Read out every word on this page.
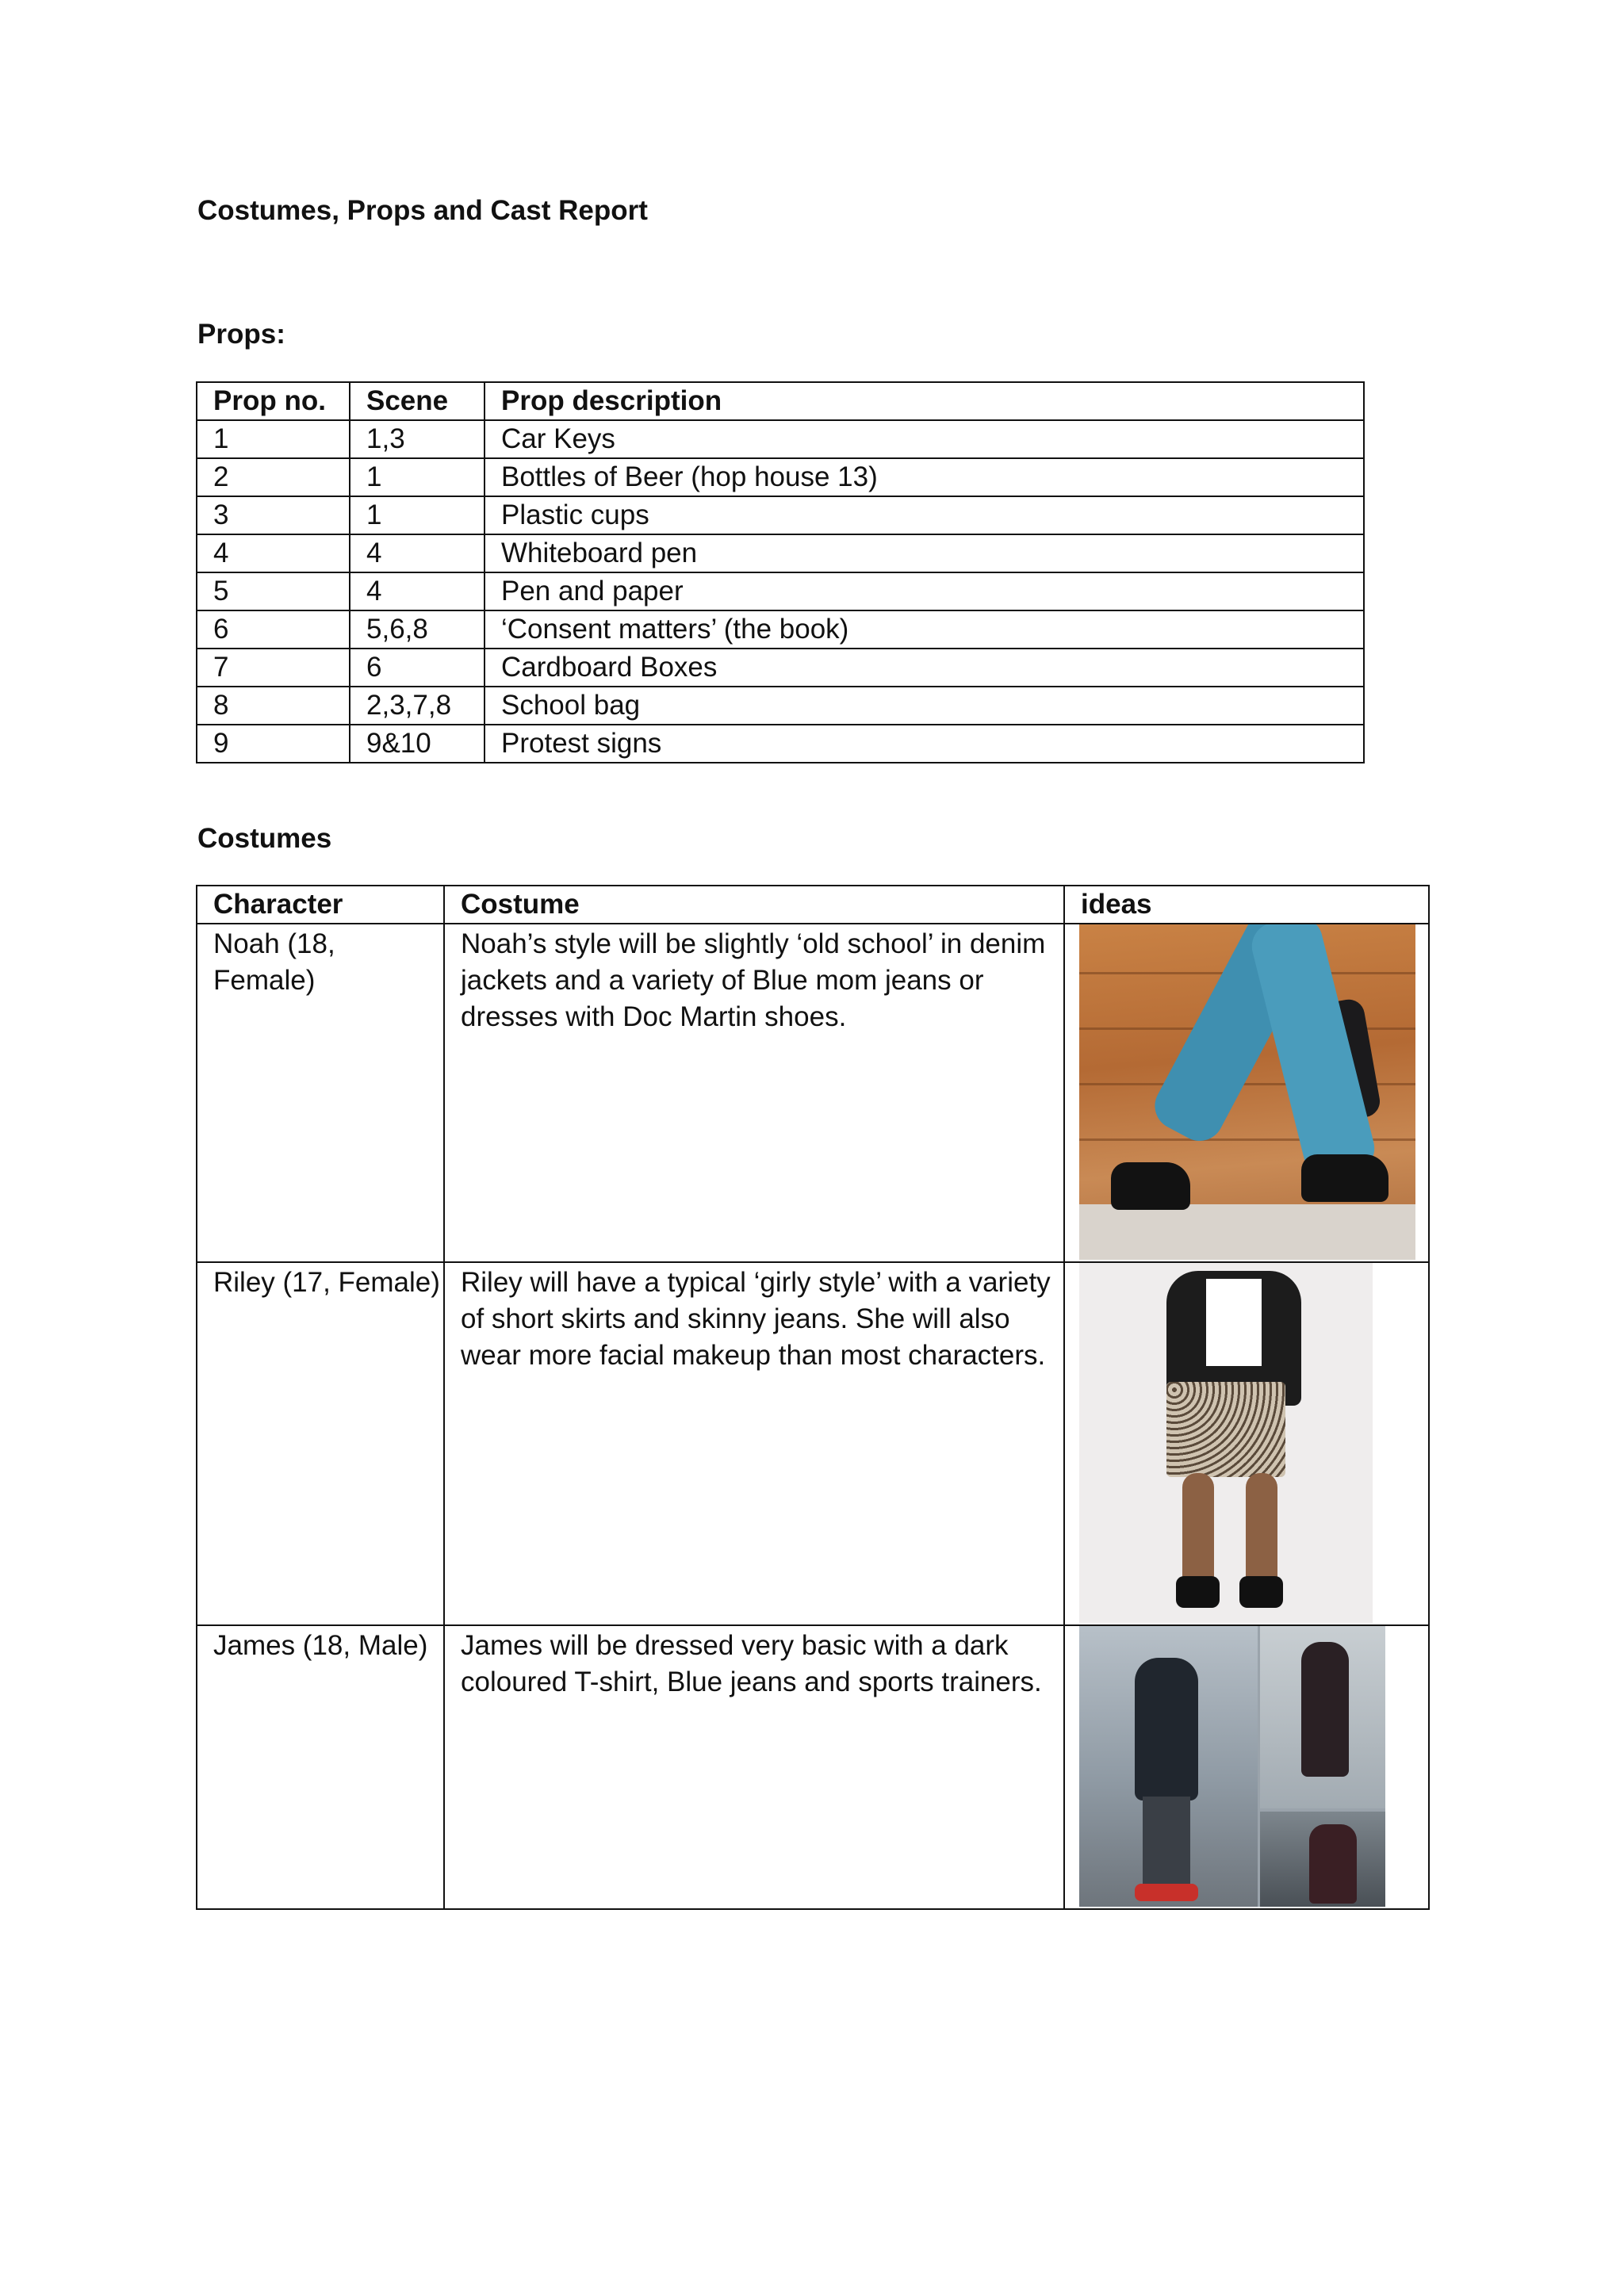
Costumes, Props and Cast Report
Props:
Prop no.	Scene	Prop description
1	1,3	Car Keys
2	1	Bottles of Beer (hop house 13)
3	1	Plastic cups
4	4	Whiteboard pen
5	4	Pen and paper
6	5,6,8	‘Consent matters’ (the book)
7	6	Cardboard Boxes
8	2,3,7,8	School bag
9	9&10	Protest signs
Costumes
Character	Costume	ideas
Noah (18, Female)	Noah’s style will be slightly ‘old school’ in denim jackets and a variety of Blue mom jeans or dresses with Doc Martin shoes.	

Riley (17, Female)	Riley will have a typical ‘girly style’ with a variety of short skirts and skinny jeans. She will also wear more facial makeup than most characters.	

James (18, Male)	James will be dressed very basic with a dark coloured T-shirt, Blue jeans and sports trainers.	
